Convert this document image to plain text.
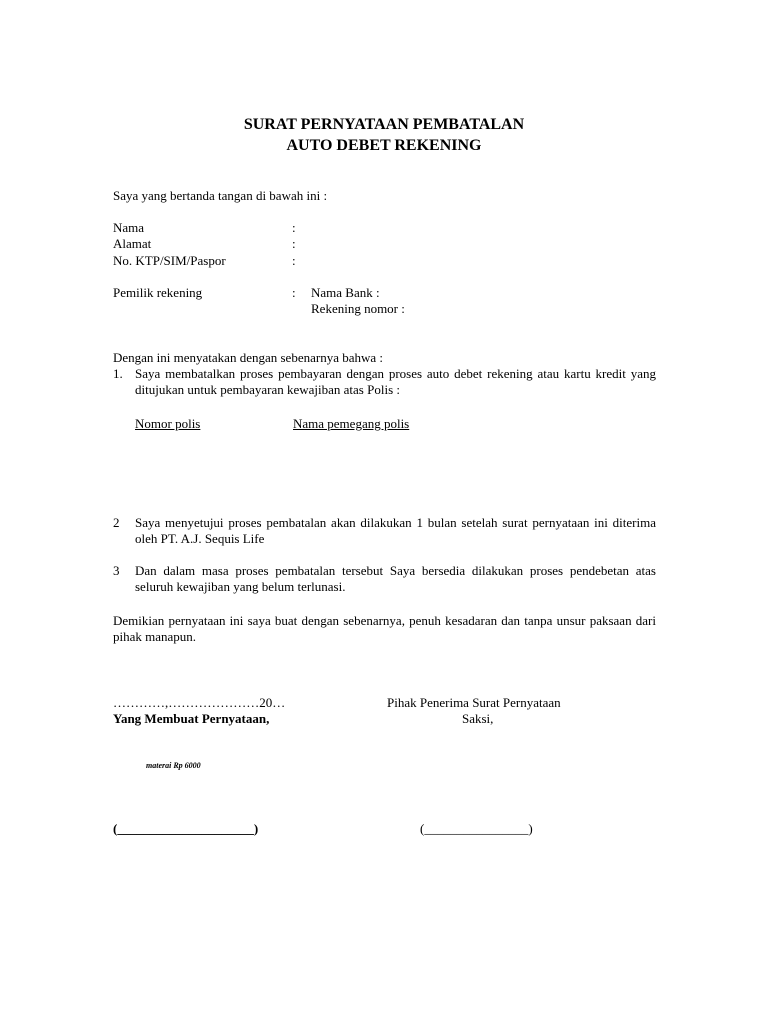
SURAT PERNYATAAN PEMBATALAN
AUTO DEBET REKENING
Saya yang bertanda tangan di bawah ini :
Nama	:
Alamat	:
No. KTP/SIM/Paspor	:
Pemilik rekening	: Nama Bank :
Rekening nomor :
Dengan ini menyatakan dengan sebenarnya bahwa :
1. Saya membatalkan proses pembayaran dengan proses auto debet rekening atau kartu kredit yang ditujukan untuk pembayaran kewajiban atas Polis :
Nomor polis	Nama pemegang polis
2	Saya menyetujui proses pembatalan akan dilakukan 1 bulan setelah surat pernyataan ini diterima oleh PT. A.J. Sequis Life
3	Dan dalam masa proses pembatalan tersebut Saya bersedia dilakukan proses pendebetan atas seluruh kewajiban yang belum terlunasi.
Demikian pernyataan ini saya buat dengan sebenarnya, penuh kesadaran dan tanpa unsur paksaan dari pihak manapun.
…………,…………………20…	Pihak Penerima Surat Pernyataan
Yang Membuat Pernyataan,	Saksi,
materai Rp 6000
(_____________________)	(________________)
